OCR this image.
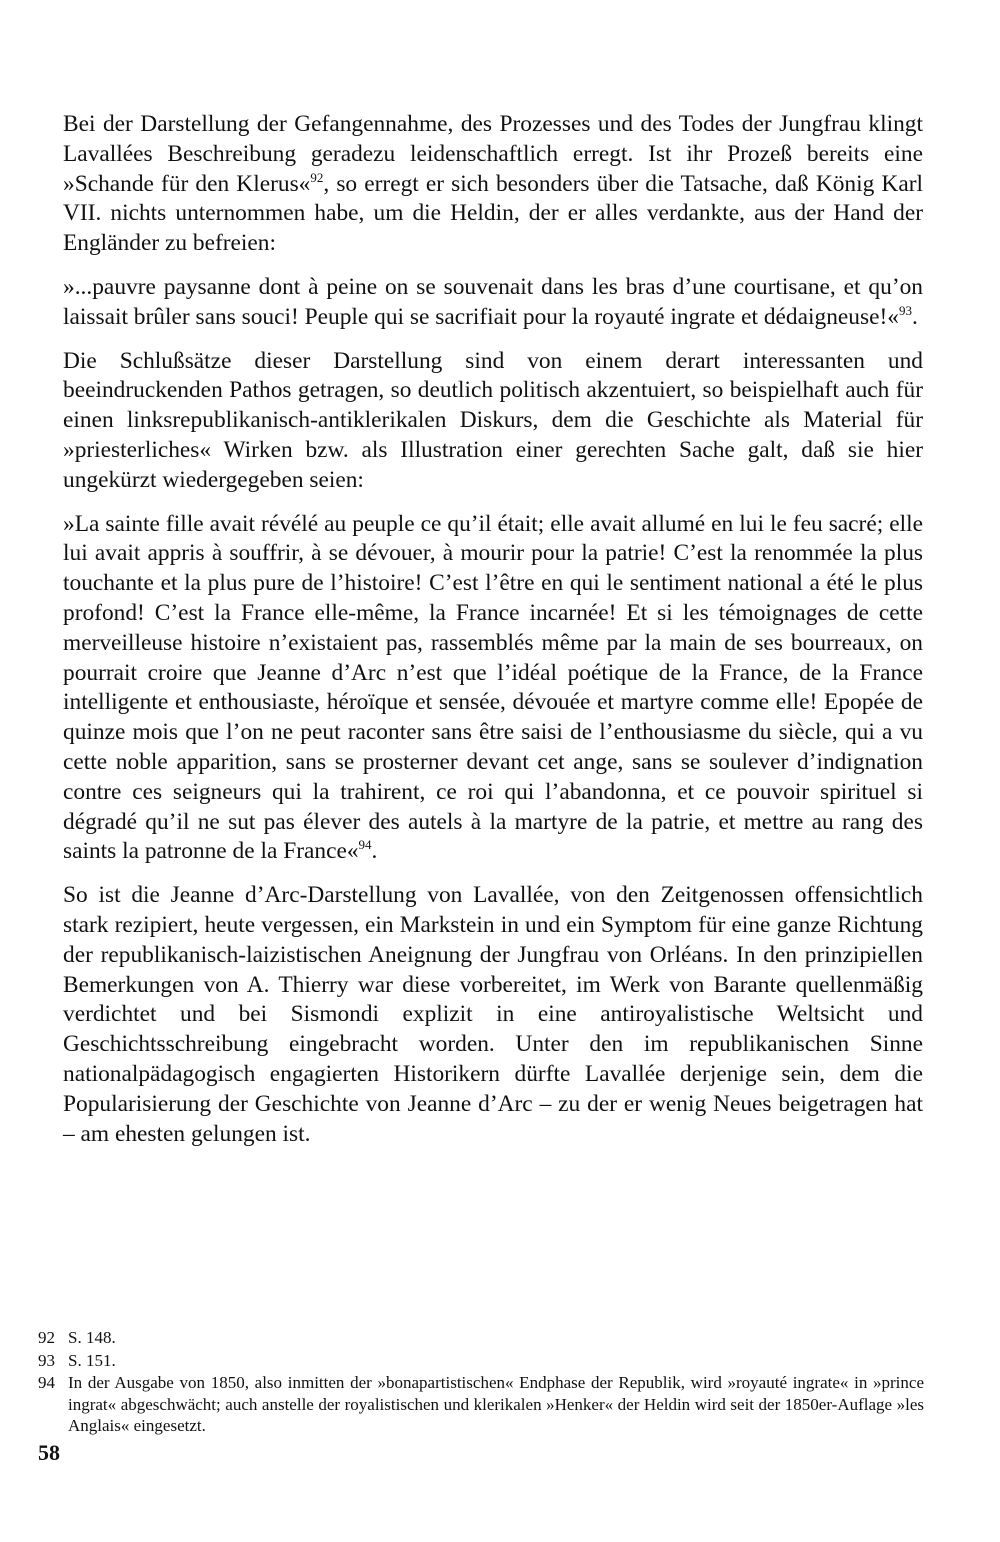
Bei der Darstellung der Gefangennahme, des Prozesses und des Todes der Jungfrau klingt Lavallées Beschreibung geradezu leidenschaftlich erregt. Ist ihr Prozeß bereits eine »Schande für den Klerus«$^{92}$, so erregt er sich besonders über die Tatsache, daß König Karl VII. nichts unternommen habe, um die Heldin, der er alles verdankte, aus der Hand der Engländer zu befreien:

»...pauvre paysanne dont à peine on se souvenait dans les bras d’une courtisane, et qu’on laissait brûler sans souci! Peuple qui se sacrifiait pour la royauté ingrate et dédaigneuse!«$^{93}$.

Die Schlußsätze dieser Darstellung sind von einem derart interessanten und beeindruckenden Pathos getragen, so deutlich politisch akzentuiert, so beispielhaft auch für einen linksrepublikanisch-antiklerikalen Diskurs, dem die Geschichte als Material für »priesterliches« Wirken bzw. als Illustration einer gerechten Sache galt, daß sie hier ungekürzt wiedergegeben seien:

»La sainte fille avait révélé au peuple ce qu’il était; elle avait allumé en lui le feu sacré; elle lui avait appris à souffrir, à se dévouer, à mourir pour la patrie! C’est la renommée la plus touchante et la plus pure de l’histoire! C’est l’être en qui le sentiment national a été le plus profond! C’est la France elle-même, la France incarnée! Et si les témoignages de cette merveilleuse histoire n’existaient pas, rassemblés même par la main de ses bourreaux, on pourrait croire que Jeanne d’Arc n’est que l’idéal poétique de la France, de la France intelligente et enthousiaste, héroïque et sensée, dévouée et martyre comme elle! Epopée de quinze mois que l’on ne peut raconter sans être saisi de l’enthousiasme du siècle, qui a vu cette noble apparition, sans se prosterner devant cet ange, sans se soulever d’indignation contre ces seigneurs qui la trahirent, ce roi qui l’abandonna, et ce pouvoir spirituel si dégradé qu’il ne sut pas élever des autels à la martyre de la patrie, et mettre au rang des saints la patronne de la France«$^{94}$.

So ist die Jeanne d’Arc-Darstellung von Lavallée, von den Zeitgenossen offensichtlich stark rezipiert, heute vergessen, ein Markstein in und ein Symptom für eine ganze Richtung der republikanisch-laizistischen Aneignung der Jungfrau von Orléans. In den prinzipiellen Bemerkungen von A. Thierry war diese vorbereitet, im Werk von Barante quellenmäßig verdichtet und bei Sismondi explizit in eine antiroyalistische Weltsicht und Geschichtsschreibung eingebracht worden. Unter den im republikanischen Sinne nationalpädagogisch engagierten Historikern dürfte Lavallée derjenige sein, dem die Popularisierung der Geschichte von Jeanne d’Arc – zu der er wenig Neues beigetragen hat – am ehesten gelungen ist.

92 S. 148.
93 S. 151.
94 In der Ausgabe von 1850, also inmitten der »bonapartistischen« Endphase der Republik, wird »royauté ingrate« in »prince ingrat« abgeschwächt; auch anstelle der royalistischen und klerikalen »Henker« der Heldin wird seit der 1850er-Auflage »les Anglais« eingesetzt.
58
